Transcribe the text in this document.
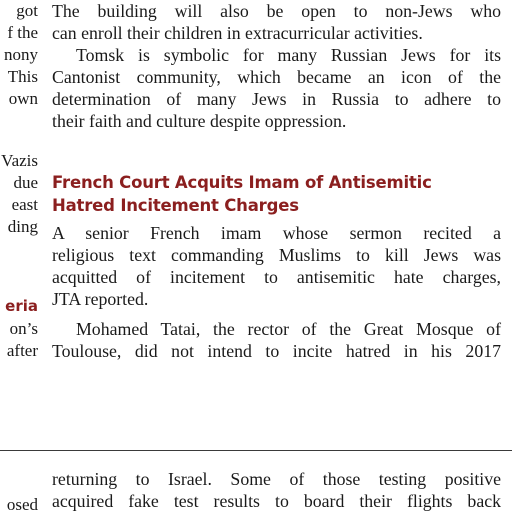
got
f the
nony
This
own
Vazis
due
east
ding
eria
on’s
after
osed
The building will also be open to non-Jews who
can enroll their children in extracurricular activities.
Tomsk is symbolic for many Russian Jews for its
Cantonist community, which became an icon of the
determination of many Jews in Russia to adhere to
their faith and culture despite oppression.
French Court Acquits Imam of Antisemitic
Hatred Incitement Charges
A senior French imam whose sermon recited a
religious text commanding Muslims to kill Jews was
acquitted of incitement to antisemitic hate charges,
JTA reported.
Mohamed Tatai, the rector of the Great Mosque of
Toulouse, did not intend to incite hatred in his 2017
returning to Israel. Some of those testing positive
acquired fake test results to board their flights back
